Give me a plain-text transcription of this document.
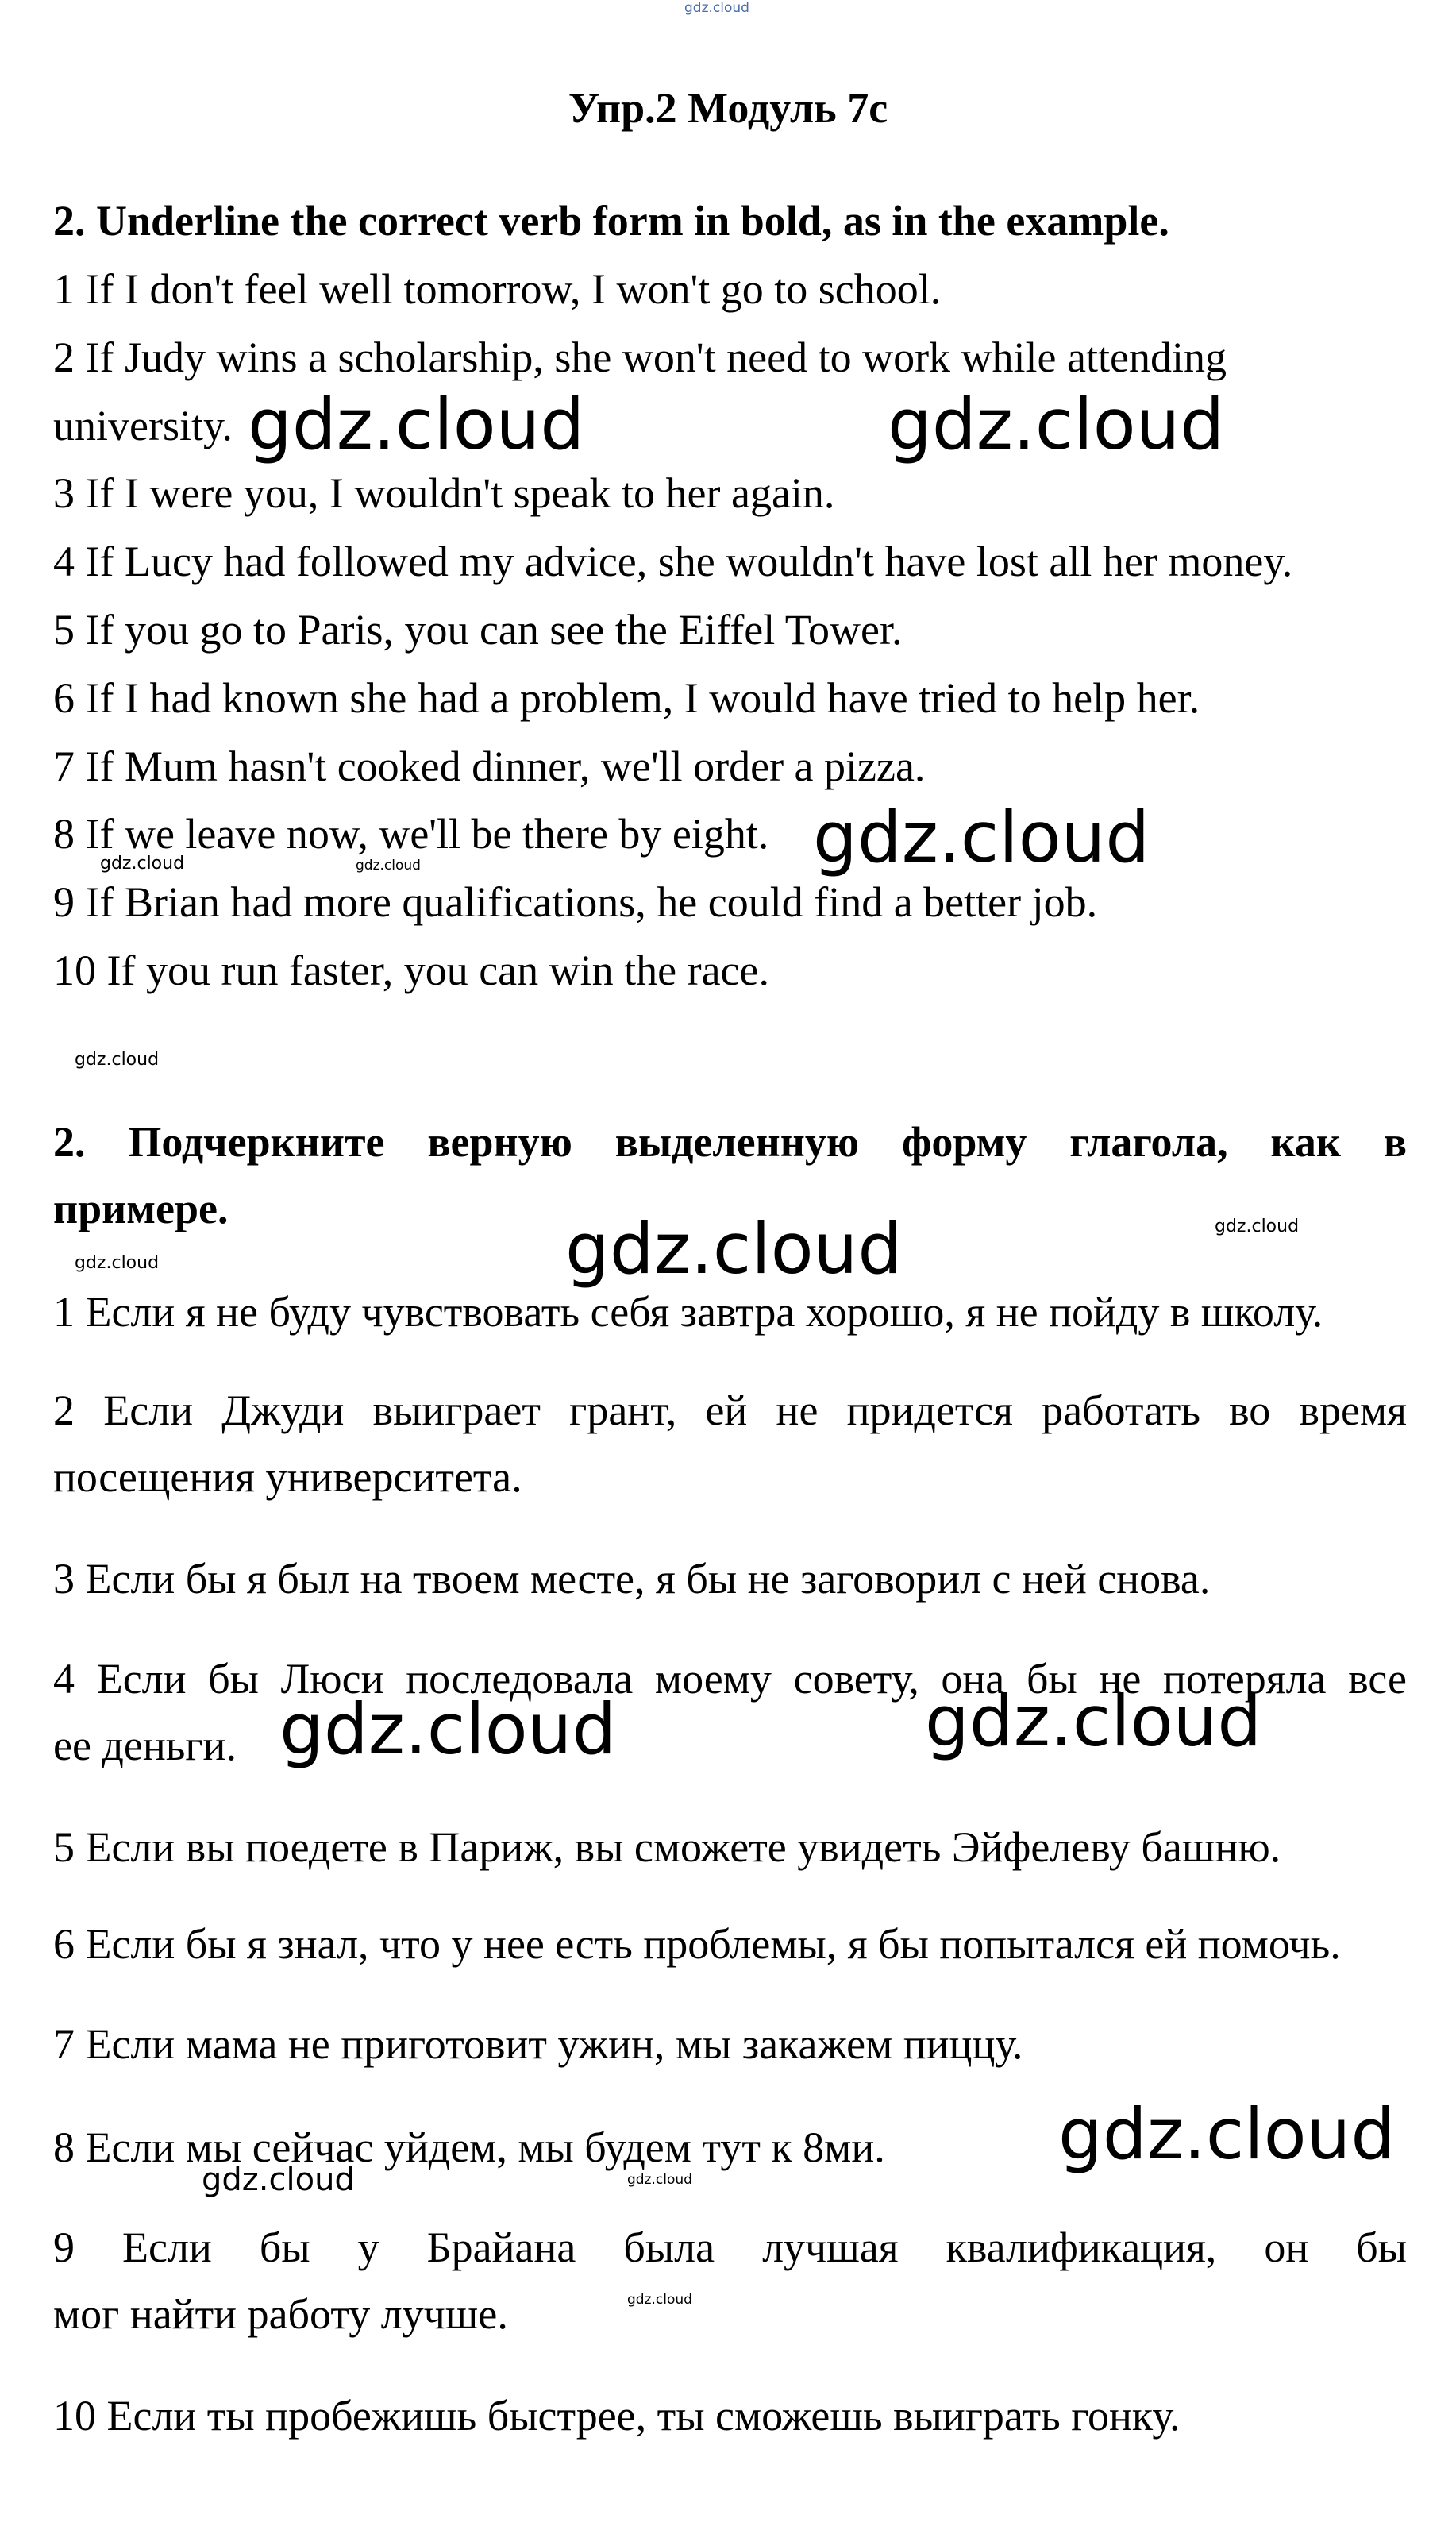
gdz.cloud
Упр.2 Модуль 7c
2. Underline the correct verb form in bold, as in the example.
1 If I don't feel well tomorrow, I won't go to school.
2 If Judy wins a scholarship, she won't need to work while attending
university.
3 If I were you, I wouldn't speak to her again.
4 If Lucy had followed my advice, she wouldn't have lost all her money.
5 If you go to Paris, you can see the Eiffel Tower.
6 If I had known she had a problem, I would have tried to help her.
7 If Mum hasn't cooked dinner, we'll order a pizza.
8 If we leave now, we'll be there by eight.
9 If Brian had more qualifications, he could find a better job.
10 If you run faster, you can win the race.
2. Подчеркните верную выделенную форму глагола, как в
примере.
1 Если я не буду чувствовать себя завтра хорошо, я не пойду в школу.
2 Если Джуди выиграет грант, ей не придется работать во время
посещения университета.
3 Если бы я был на твоем месте, я бы не заговорил с ней снова.
4 Если бы Люси последовала моему совету, она бы не потеряла все
ее деньги.
5 Если вы поедете в Париж, вы сможете увидеть Эйфелеву башню.
6 Если бы я знал, что у нее есть проблемы, я бы попытался ей помочь.
7 Если мама не приготовит ужин, мы закажем пиццу.
8 Если мы сейчас уйдем, мы будем тут к 8ми.
9 Если бы у Брайана была лучшая квалификация, он бы
мог найти работу лучше.
10 Если ты пробежишь быстрее, ты сможешь выиграть гонку.
gdz.cloud	gdz.cloud
gdz.cloud
gdz.cloud	gdz.cloud
gdz.cloud
gdz.cloud	gdz.cloud
gdz.cloud
gdz.cloud	gdz.cloud
gdz.cloud
gdz.cloud	gdz.cloud
gdz.cloud
